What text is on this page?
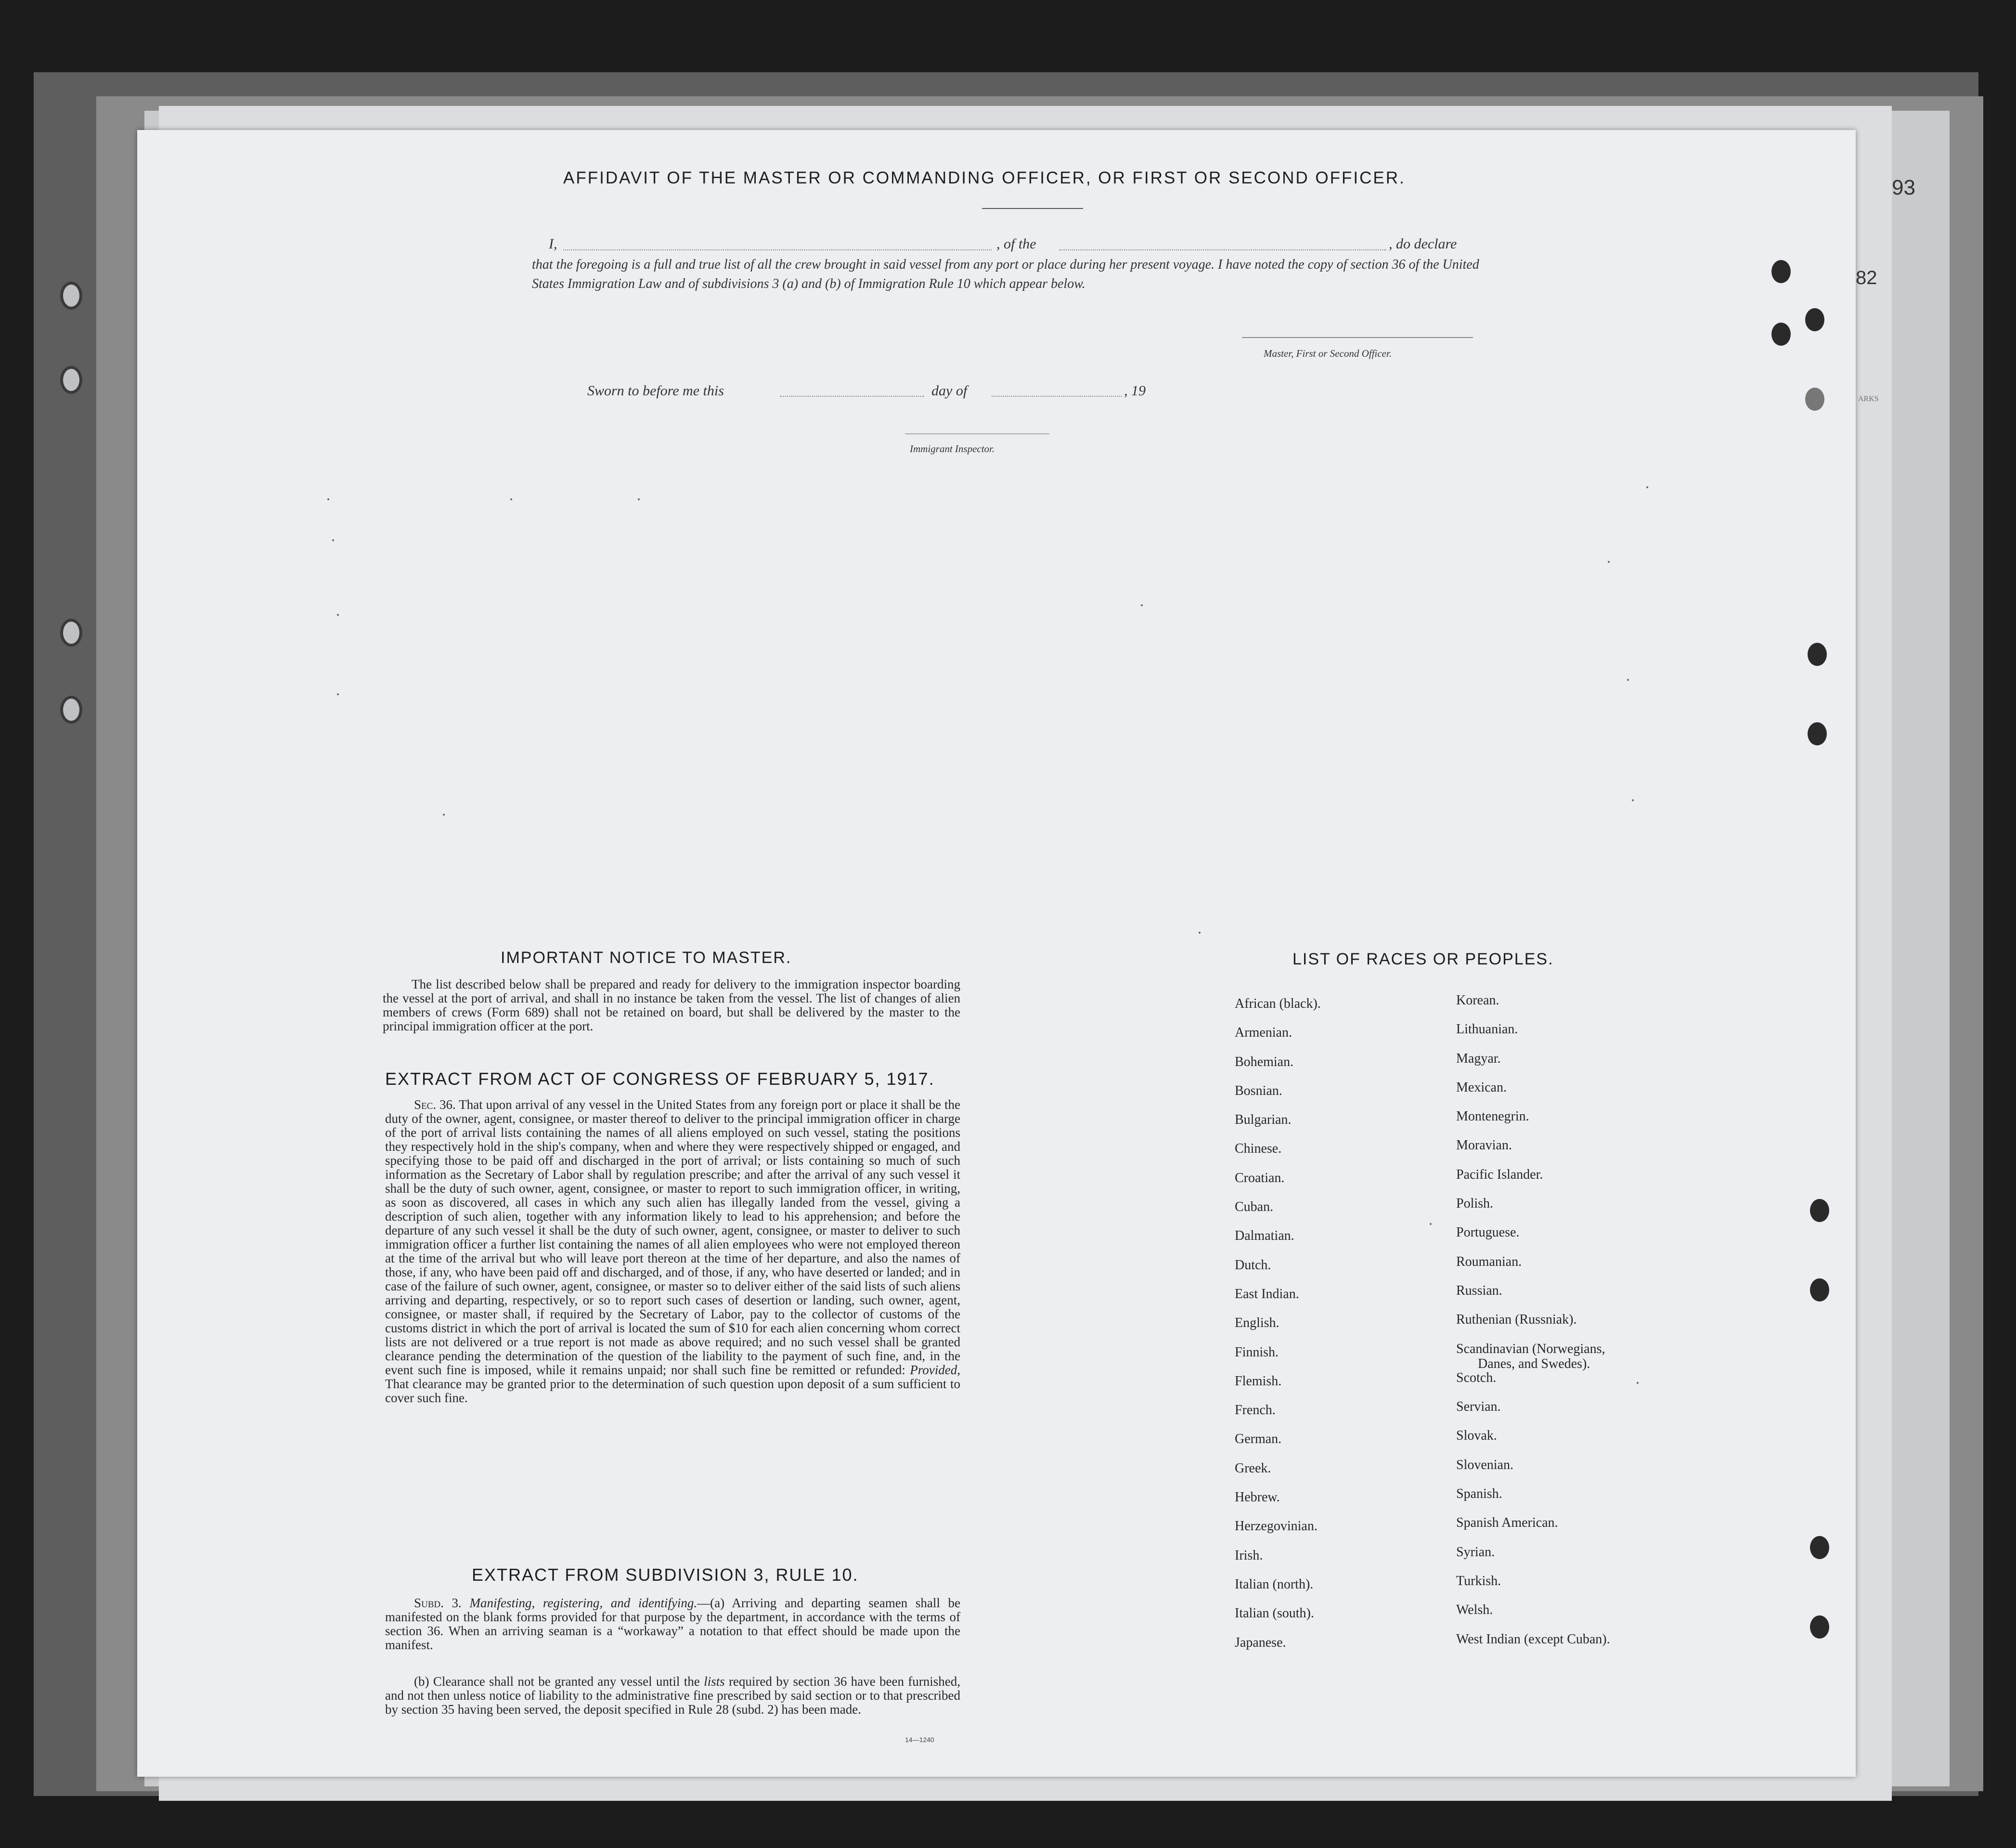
93
82
ARKS
AFFIDAVIT OF THE MASTER OR COMMANDING OFFICER, OR FIRST OR SECOND OFFICER.
I,	, of the	, do declare
that the foregoing is a full and true list of all the crew brought in said vessel from any port or place during her present voyage. I have noted the copy of section 36 of the United States Immigration Law and of subdivisions 3 (a) and (b) of Immigration Rule 10 which appear below.
Master, First or Second Officer.
Sworn to before me this	day of	, 19
Immigrant Inspector.
IMPORTANT NOTICE TO MASTER.
The list described below shall be prepared and ready for delivery to the immigration inspector boarding the vessel at the port of arrival, and shall in no instance be taken from the vessel. The list of changes of alien members of crews (Form 689) shall not be retained on board, but shall be delivered by the master to the principal immigration officer at the port.
EXTRACT FROM ACT OF CONGRESS OF FEBRUARY 5, 1917.
Sec. 36. That upon arrival of any vessel in the United States from any foreign port or place it shall be the duty of the owner, agent, consignee, or master thereof to deliver to the principal immigration officer in charge of the port of arrival lists containing the names of all aliens employed on such vessel, stating the positions they respectively hold in the ship's company, when and where they were respectively shipped or engaged, and specifying those to be paid off and discharged in the port of arrival; or lists containing so much of such information as the Secretary of Labor shall by regulation prescribe; and after the arrival of any such vessel it shall be the duty of such owner, agent, consignee, or master to report to such immigration officer, in writing, as soon as discovered, all cases in which any such alien has illegally landed from the vessel, giving a description of such alien, together with any information likely to lead to his apprehension; and before the departure of any such vessel it shall be the duty of such owner, agent, consignee, or master to deliver to such immigration officer a further list containing the names of all alien employees who were not employed thereon at the time of the arrival but who will leave port thereon at the time of her departure, and also the names of those, if any, who have been paid off and discharged, and of those, if any, who have deserted or landed; and in case of the failure of such owner, agent, consignee, or master so to deliver either of the said lists of such aliens arriving and departing, respectively, or so to report such cases of desertion or landing, such owner, agent, consignee, or master shall, if required by the Secretary of Labor, pay to the collector of customs of the customs district in which the port of arrival is located the sum of $10 for each alien concerning whom correct lists are not delivered or a true report is not made as above required; and no such vessel shall be granted clearance pending the determination of the question of the liability to the payment of such fine, and, in the event such fine is imposed, while it remains unpaid; nor shall such fine be remitted or refunded: Provided, That clearance may be granted prior to the determination of such question upon deposit of a sum sufficient to cover such fine.
EXTRACT FROM SUBDIVISION 3, RULE 10.
Subd. 3. Manifesting, registering, and identifying.—(a) Arriving and departing seamen shall be manifested on the blank forms provided for that purpose by the department, in accordance with the terms of section 36. When an arriving seaman is a “workaway” a notation to that effect should be made upon the manifest.
(b) Clearance shall not be granted any vessel until the lists required by section 36 have been furnished, and not then unless notice of liability to the administrative fine prescribed by said section or to that prescribed by section 35 having been served, the deposit specified in Rule 28 (subd. 2) has been made.
14—1240
LIST OF RACES OR PEOPLES.
African (black).
Armenian.
Bohemian.
Bosnian.
Bulgarian.
Chinese.
Croatian.
Cuban.
Dalmatian.
Dutch.
East Indian.
English.
Finnish.
Flemish.
French.
German.
Greek.
Hebrew.
Herzegovinian.
Irish.
Italian (north).
Italian (south).
Japanese.
Korean.
Lithuanian.
Magyar.
Mexican.
Montenegrin.
Moravian.
Pacific Islander.
Polish.
Portuguese.
Roumanian.
Russian.
Ruthenian (Russniak).
Scandinavian (Norwegians,
Danes, and Swedes).
Scotch.
Servian.
Slovak.
Slovenian.
Spanish.
Spanish American.
Syrian.
Turkish.
Welsh.
West Indian (except Cuban).
